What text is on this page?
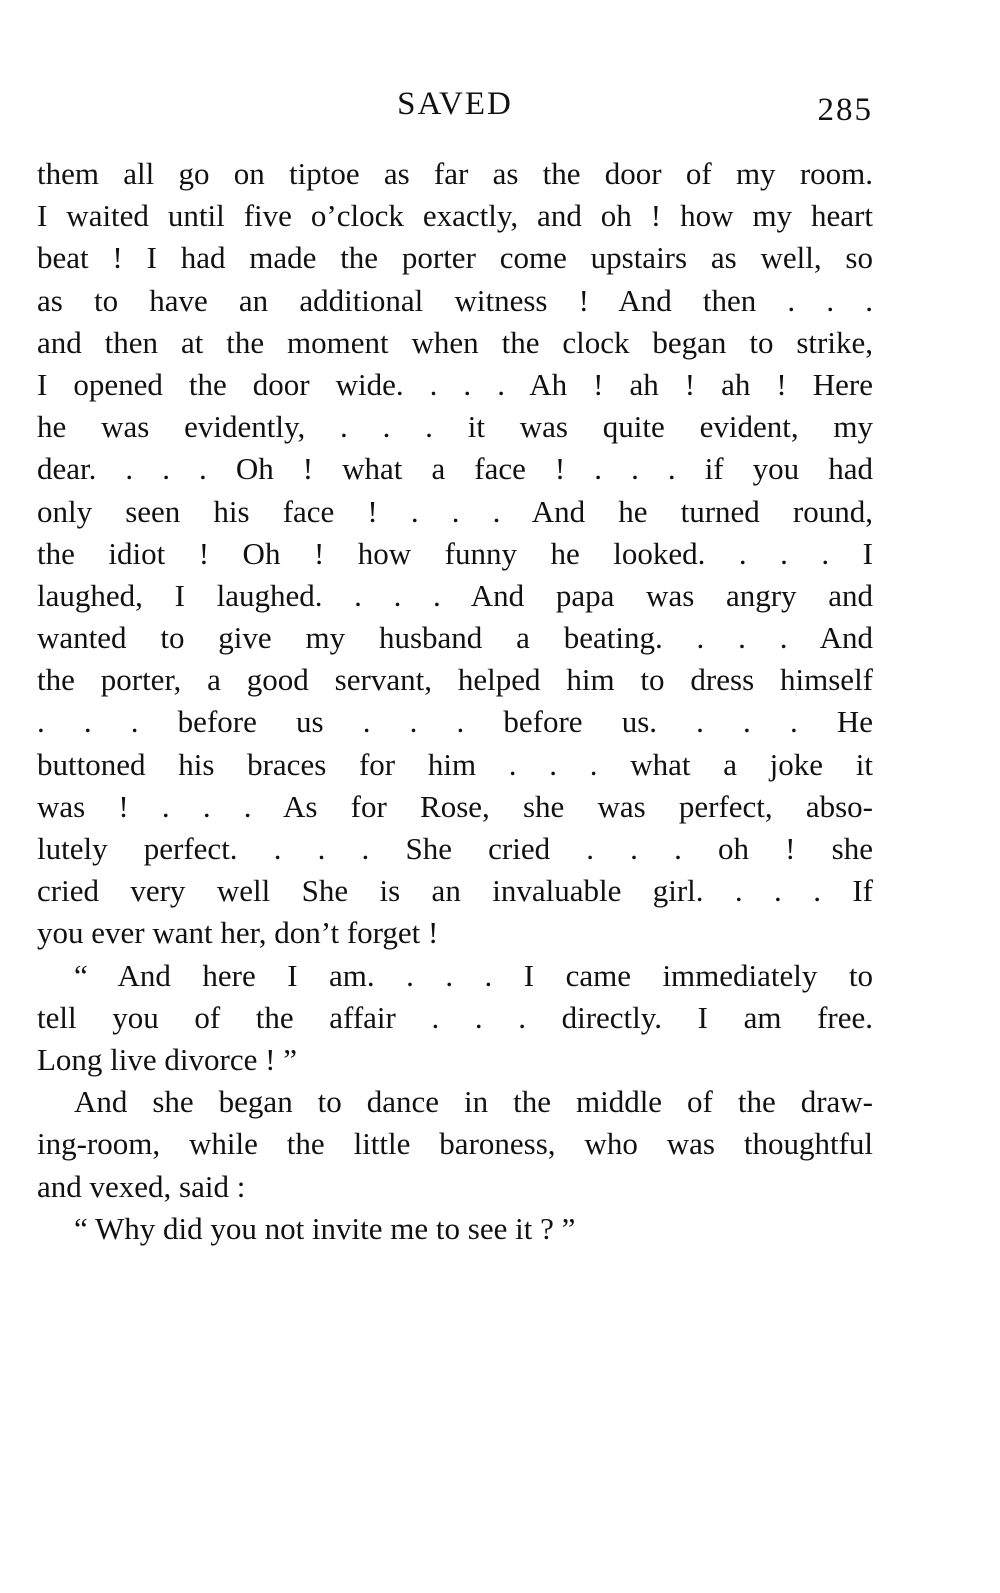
SAVED	285
them all go on tiptoe as far as the door of my room.
I waited until five o’clock exactly, and oh ! how my heart
beat ! I had made the porter come upstairs as well, so
as to have an additional witness ! And then . . .
and then at the moment when the clock began to strike,
I opened the door wide. . . . Ah ! ah ! ah ! Here
he was evidently, . . . it was quite evident, my
dear. . . . Oh ! what a face ! . . . if you had
only seen his face ! . . . And he turned round,
the idiot ! Oh ! how funny he looked. . . . I
laughed, I laughed. . . . And papa was angry and
wanted to give my husband a beating. . . . And
the porter, a good servant, helped him to dress himself
. . . before us . . . before us. . . . He
buttoned his braces for him . . . what a joke it
was ! . . . As for Rose, she was perfect, abso-
lutely perfect. . . . She cried . . . oh ! she
cried very well She is an invaluable girl. . . . If
you ever want her, don’t forget !
“ And here I am. . . . I came immediately to
tell you of the affair . . . directly. I am free.
Long live divorce ! ”
And she began to dance in the middle of the draw-
ing-room, while the little baroness, who was thoughtful
and vexed, said :
“ Why did you not invite me to see it ? ”
